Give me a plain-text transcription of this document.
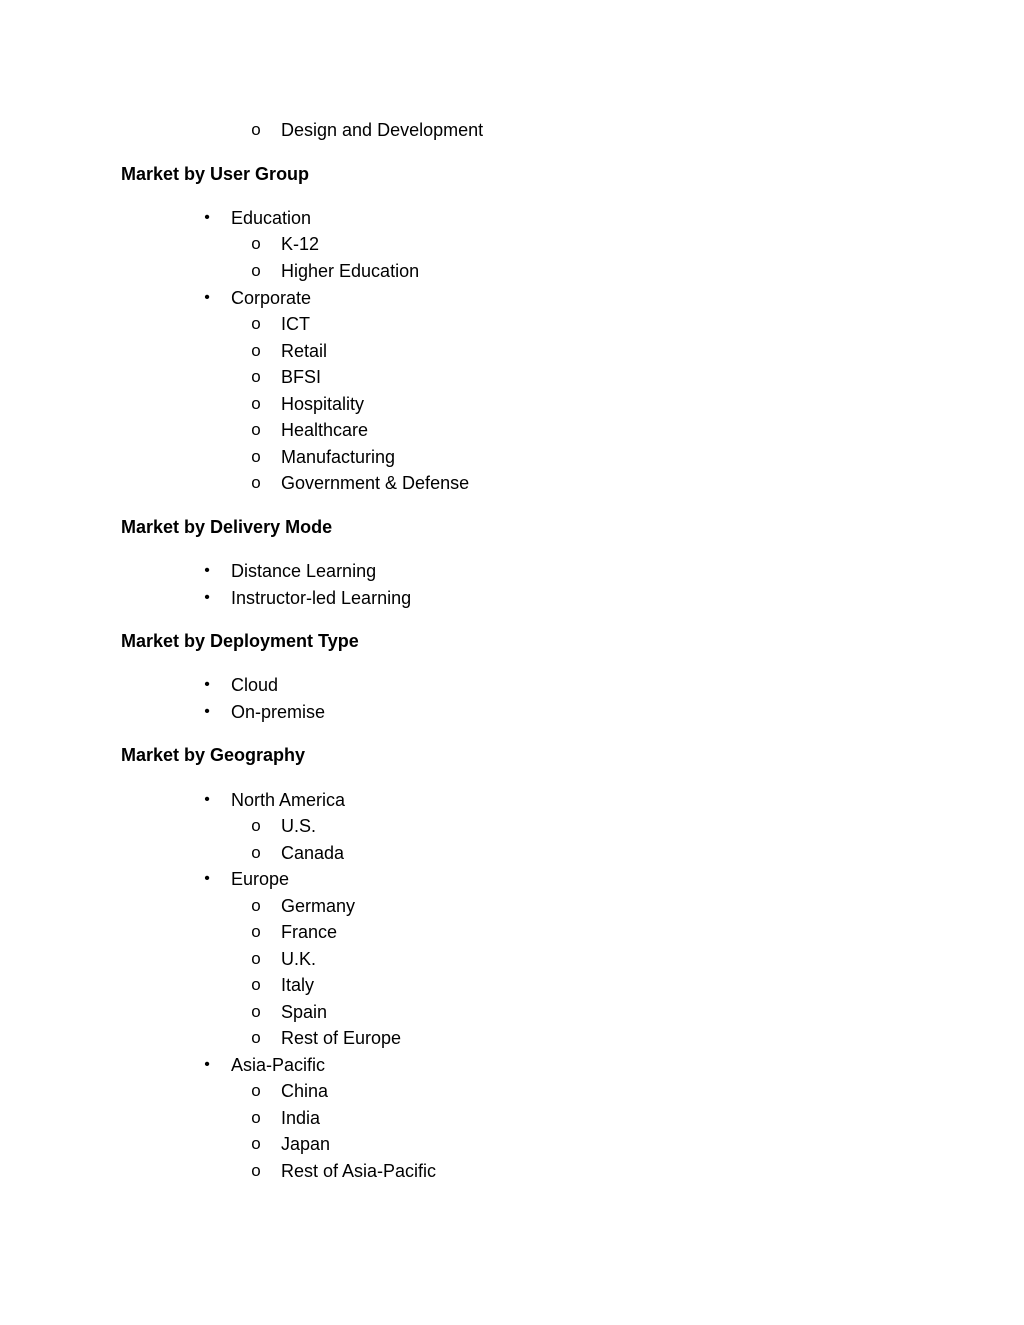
o Design and Development
Market by User Group
• Education
o K-12
o Higher Education
• Corporate
o ICT
o Retail
o BFSI
o Hospitality
o Healthcare
o Manufacturing
o Government & Defense
Market by Delivery Mode
• Distance Learning
• Instructor-led Learning
Market by Deployment Type
• Cloud
• On-premise
Market by Geography
• North America
o U.S.
o Canada
• Europe
o Germany
o France
o U.K.
o Italy
o Spain
o Rest of Europe
• Asia-Pacific
o China
o India
o Japan
o Rest of Asia-Pacific
